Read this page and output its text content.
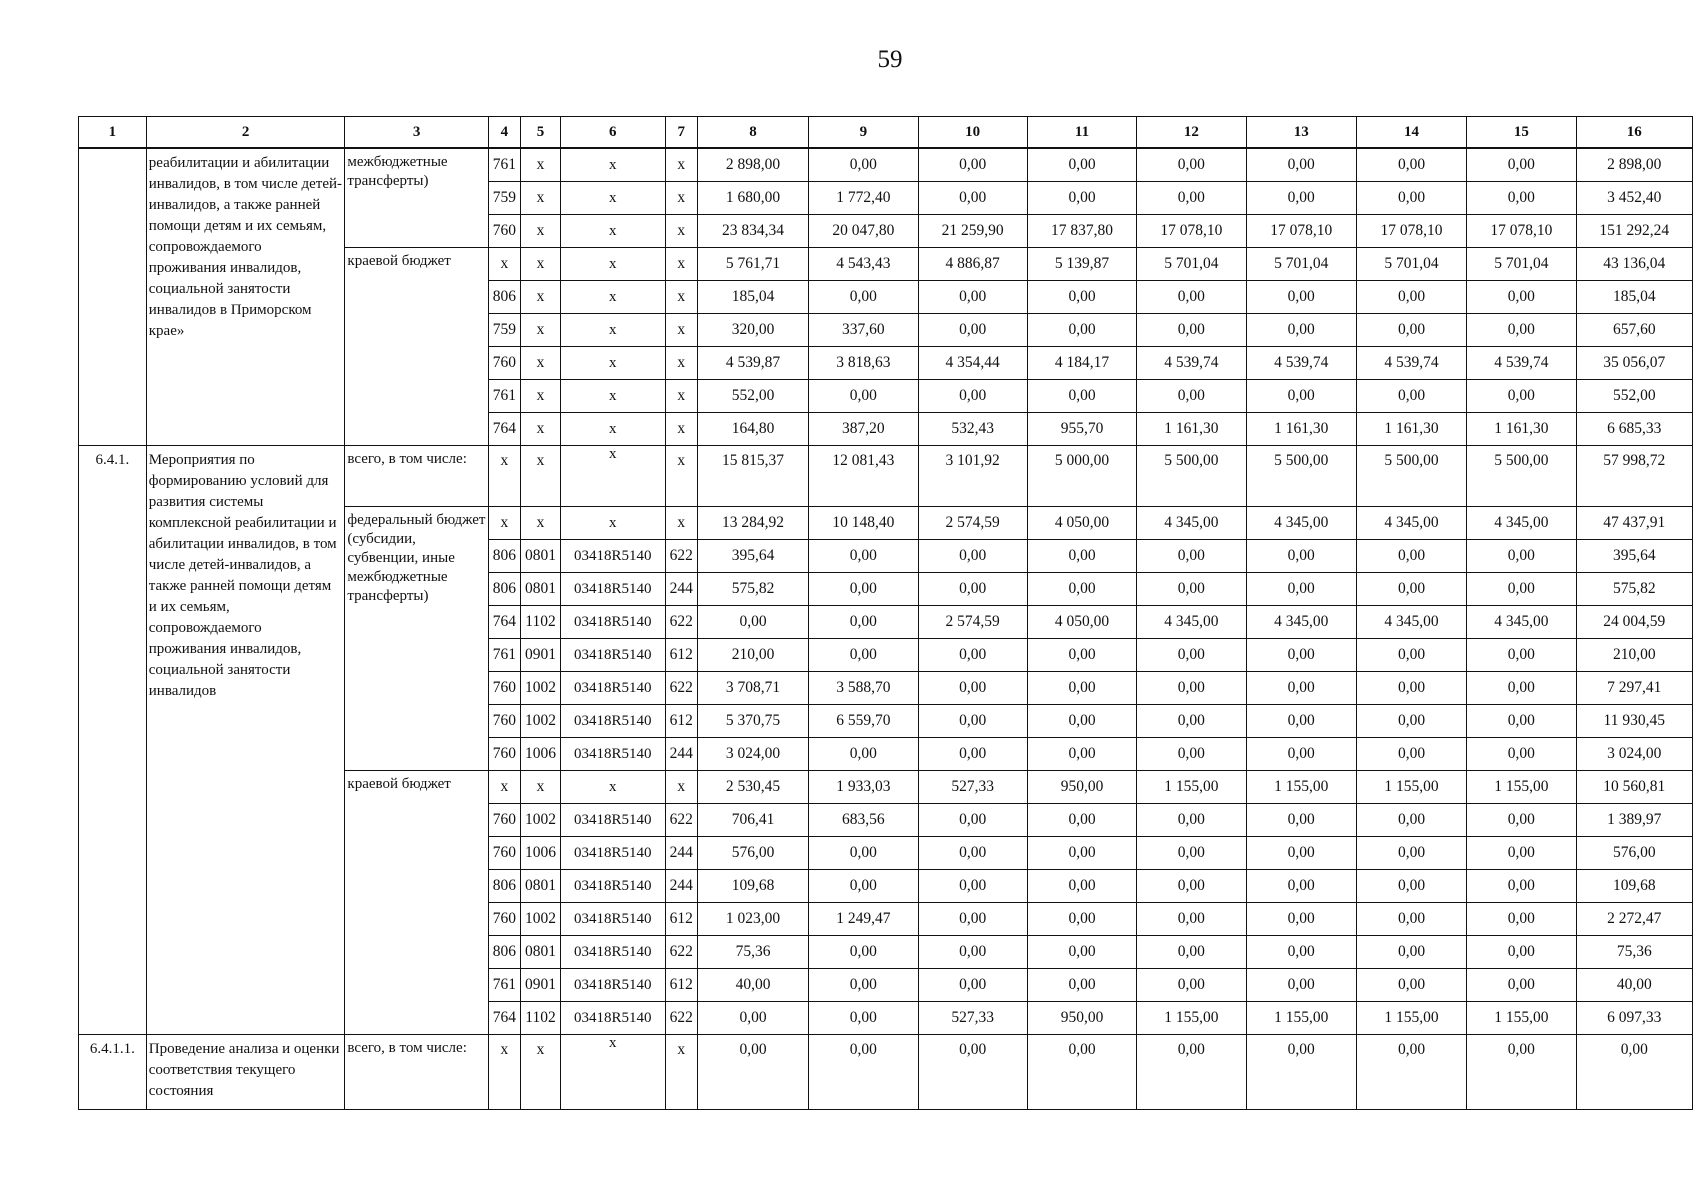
59
1	2	3	4	5	6	7	8	9	10	11	12	13	14	15	16
	реабилитации и абилитации инвалидов, в том числе детей-инвалидов, а также ранней помощи детям и их семьям, сопровождаемого проживания инвалидов, социальной занятости инвалидов в Приморском крае»	межбюджетные трансферты)	761	x	x	x	2 898,00	0,00	0,00	0,00	0,00	0,00	0,00	0,00	2 898,00
			759	x	x	x	1 680,00	1 772,40	0,00	0,00	0,00	0,00	0,00	0,00	3 452,40
			760	x	x	x	23 834,34	20 047,80	21 259,90	17 837,80	17 078,10	17 078,10	17 078,10	17 078,10	151 292,24
		краевой бюджет	x	x	x	x	5 761,71	4 543,43	4 886,87	5 139,87	5 701,04	5 701,04	5 701,04	5 701,04	43 136,04
			806	x	x	x	185,04	0,00	0,00	0,00	0,00	0,00	0,00	0,00	185,04
			759	x	x	x	320,00	337,60	0,00	0,00	0,00	0,00	0,00	0,00	657,60
			760	x	x	x	4 539,87	3 818,63	4 354,44	4 184,17	4 539,74	4 539,74	4 539,74	4 539,74	35 056,07
			761	x	x	x	552,00	0,00	0,00	0,00	0,00	0,00	0,00	0,00	552,00
			764	x	x	x	164,80	387,20	532,43	955,70	1 161,30	1 161,30	1 161,30	1 161,30	6 685,33
6.4.1.	Мероприятия по формированию условий для развития системы комплексной реабилитации и абилитации инвалидов, в том числе детей-инвалидов, а также ранней помощи детям и их семьям, сопровождаемого проживания инвалидов, социальной занятости инвалидов	всего, в том числе:	x	x	x	x	15 815,37	12 081,43	3 101,92	5 000,00	5 500,00	5 500,00	5 500,00	5 500,00	57 998,72
		федеральный бюджет (субсидии, субвенции, иные межбюджетные трансферты)	x	x	x	x	13 284,92	10 148,40	2 574,59	4 050,00	4 345,00	4 345,00	4 345,00	4 345,00	47 437,91
			806	0801	03418R5140	622	395,64	0,00	0,00	0,00	0,00	0,00	0,00	0,00	395,64
			806	0801	03418R5140	244	575,82	0,00	0,00	0,00	0,00	0,00	0,00	0,00	575,82
			764	1102	03418R5140	622	0,00	0,00	2 574,59	4 050,00	4 345,00	4 345,00	4 345,00	4 345,00	24 004,59
			761	0901	03418R5140	612	210,00	0,00	0,00	0,00	0,00	0,00	0,00	0,00	210,00
			760	1002	03418R5140	622	3 708,71	3 588,70	0,00	0,00	0,00	0,00	0,00	0,00	7 297,41
			760	1002	03418R5140	612	5 370,75	6 559,70	0,00	0,00	0,00	0,00	0,00	0,00	11 930,45
			760	1006	03418R5140	244	3 024,00	0,00	0,00	0,00	0,00	0,00	0,00	0,00	3 024,00
		краевой бюджет	x	x	x	x	2 530,45	1 933,03	527,33	950,00	1 155,00	1 155,00	1 155,00	1 155,00	10 560,81
			760	1002	03418R5140	622	706,41	683,56	0,00	0,00	0,00	0,00	0,00	0,00	1 389,97
			760	1006	03418R5140	244	576,00	0,00	0,00	0,00	0,00	0,00	0,00	0,00	576,00
			806	0801	03418R5140	244	109,68	0,00	0,00	0,00	0,00	0,00	0,00	0,00	109,68
			760	1002	03418R5140	612	1 023,00	1 249,47	0,00	0,00	0,00	0,00	0,00	0,00	2 272,47
			806	0801	03418R5140	622	75,36	0,00	0,00	0,00	0,00	0,00	0,00	0,00	75,36
			761	0901	03418R5140	612	40,00	0,00	0,00	0,00	0,00	0,00	0,00	0,00	40,00
			764	1102	03418R5140	622	0,00	0,00	527,33	950,00	1 155,00	1 155,00	1 155,00	1 155,00	6 097,33
6.4.1.1.	Проведение анализа и оценки соответствия текущего состояния	всего, в том числе:	x	x	x	x	0,00	0,00	0,00	0,00	0,00	0,00	0,00	0,00	0,00
